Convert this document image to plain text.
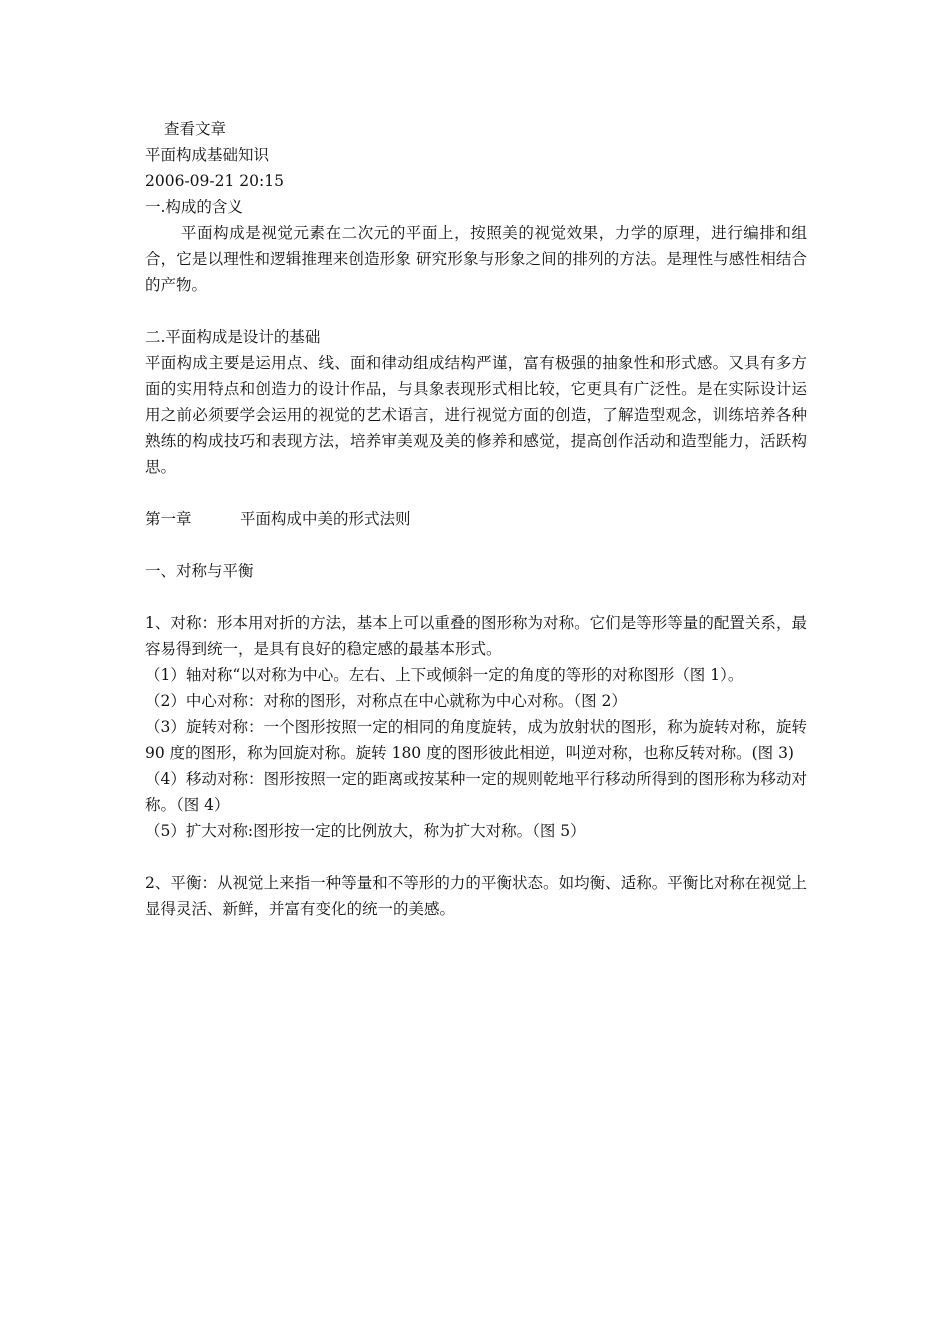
查看文章

平面构成基础知识

2006-09-21 20:15

一.构成的含义

平面构成是视觉元素在二次元的平面上，按照美的视觉效果，力学的原理，进行编排和组合，它是以理性和逻辑推理来创造形象 研究形象与形象之间的排列的方法。是理性与感性相结合的产物。

二.平面构成是设计的基础

平面构成主要是运用点、线、面和律动组成结构严谨，富有极强的抽象性和形式感。又具有多方面的实用特点和创造力的设计作品，与具象表现形式相比较，它更具有广泛性。是在实际设计运用之前必须要学会运用的视觉的艺术语言，进行视觉方面的创造，了解造型观念，训练培养各种熟练的构成技巧和表现方法，培养审美观及美的修养和感觉，提高创作活动和造型能力，活跃构思。

第一章	平面构成中美的形式法则

一、对称与平衡

1、对称：形本用对折的方法，基本上可以重叠的图形称为对称。它们是等形等量的配置关系，最容易得到统一，是具有良好的稳定感的最基本形式。

（1）轴对称“以对称为中心。左右、上下或倾斜一定的角度的等形的对称图形（图 1）。

（2）中心对称：对称的图形，对称点在中心就称为中心对称。（图 2）

（3）旋转对称：一个图形按照一定的相同的角度旋转，成为放射状的图形，称为旋转对称，旋转 90 度的图形，称为回旋对称。旋转 180 度的图形彼此相逆，叫逆对称，也称反转对称。(图 3)

（4）移动对称：图形按照一定的距离或按某种一定的规则乾地平行移动所得到的图形称为移动对称。（图 4）

（5）扩大对称:图形按一定的比例放大，称为扩大对称。（图 5）

2、平衡：从视觉上来指一种等量和不等形的力的平衡状态。如均衡、适称。平衡比对称在视觉上显得灵活、新鲜，并富有变化的统一的美感。
